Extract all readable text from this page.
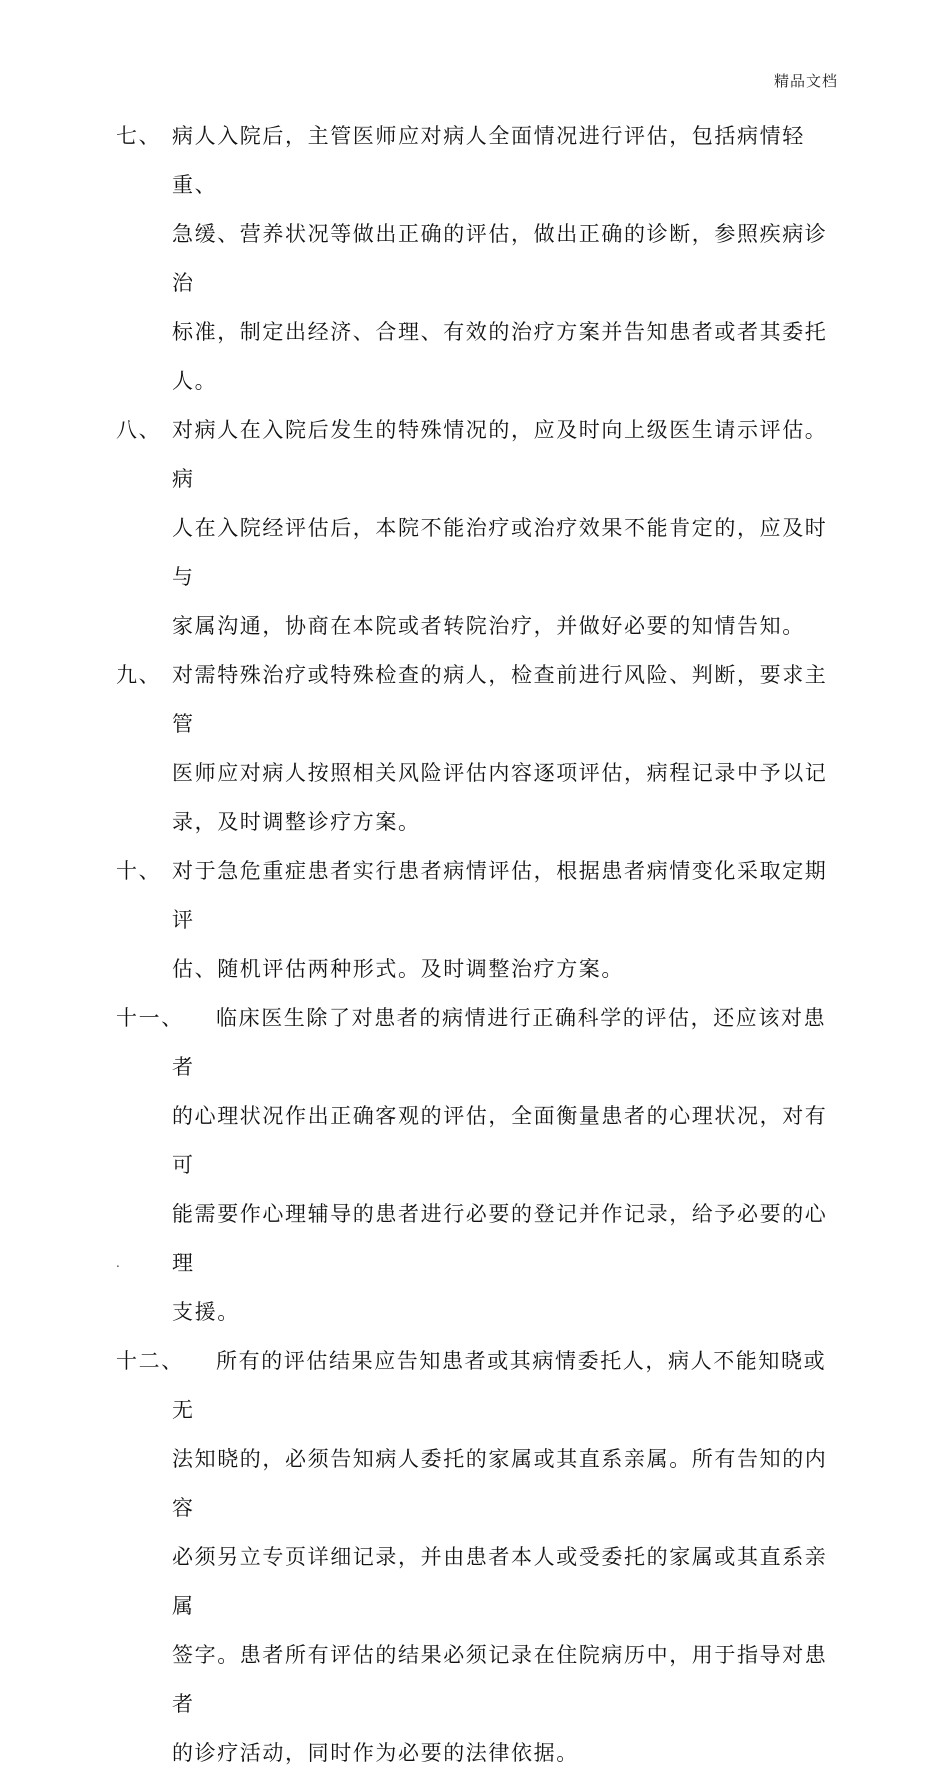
精品文档
七、 病人入院后，主管医师应对病人全面情况进行评估，包括病情轻重、

急缓、营养状况等做出正确的评估，做出正确的诊断，参照疾病诊治

标准，制定出经济、合理、有效的治疗方案并告知患者或者其委托人。

八、 对病人在入院后发生的特殊情况的，应及时向上级医生请示评估。病

人在入院经评估后，本院不能治疗或治疗效果不能肯定的，应及时与

家属沟通，协商在本院或者转院治疗，并做好必要的知情告知。

九、 对需特殊治疗或特殊检查的病人，检查前进行风险、判断，要求主管

医师应对病人按照相关风险评估内容逐项评估，病程记录中予以记

录，及时调整诊疗方案。

十、 对于急危重症患者实行患者病情评估，根据患者病情变化采取定期评

估、随机评估两种形式。及时调整治疗方案。

十一、	临床医生除了对患者的病情进行正确科学的评估，还应该对患者

的心理状况作出正确客观的评估，全面衡量患者的心理状况，对有可

能需要作心理辅导的患者进行必要的登记并作记录，给予必要的心理

支援。

十二、	所有的评估结果应告知患者或其病情委托人，病人不能知晓或无

法知晓的，必须告知病人委托的家属或其直系亲属。所有告知的内容

必须另立专页详细记录，并由患者本人或受委托的家属或其直系亲属

签字。患者所有评估的结果必须记录在住院病历中，用于指导对患者

的诊疗活动，同时作为必要的法律依据。

.
